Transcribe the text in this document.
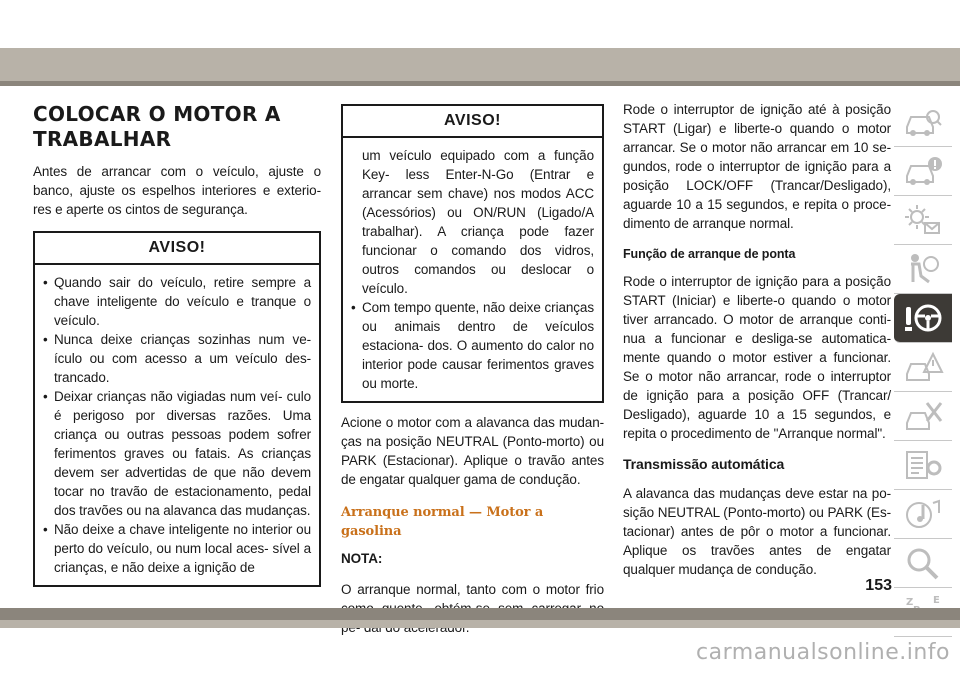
COLOCAR O MOTOR A
TRABALHAR

Antes de arrancar com o veículo, ajuste o banco, ajuste os espelhos interiores e exterio- res e aperte os cintos de segurança.

AVISO!
• Quando sair do veículo, retire sempre a chave inteligente do veículo e tranque o veículo.
• Nunca deixe crianças sozinhas num ve- ículo ou com acesso a um veículo des- trancado.
• Deixar crianças não vigiadas num veí- culo é perigoso por diversas razões. Uma criança ou outras pessoas podem sofrer ferimentos graves ou fatais. As crianças devem ser advertidas de que não devem tocar no travão de estacionamento, pedal dos travões ou na alavanca das mudanças.
• Não deixe a chave inteligente no interior ou perto do veículo, ou num local aces- sível a crianças, e não deixe a ignição de
AVISO!

um veículo equipado com a função Key- less Enter-N-Go (Entrar e arrancar sem chave) nos modos ACC (Acessórios) ou ON/RUN (Ligado/A trabalhar). A criança pode fazer funcionar o comando dos vidros, outros comandos ou deslocar o veículo.

• Com tempo quente, não deixe crianças ou animais dentro de veículos estaciona- dos. O aumento do calor no interior pode causar ferimentos graves ou morte.

Acione o motor com a alavanca das mudan- ças na posição NEUTRAL (Ponto-morto) ou PARK (Estacionar). Aplique o travão antes de engatar qualquer gama de condução.

Arranque normal — Motor a gasolina

NOTA:

O arranque normal, tanto com o motor frio

Rode o interruptor de ignição até à posição START (Ligar) e liberte-o quando o motor arrancar. Se o motor não arrancar em 10 se- gundos, rode o interruptor de ignição para a posição LOCK/OFF (Trancar/Desligado), aguarde 10 a 15 segundos, e repita o proce- dimento de arranque normal.

Função de arranque de ponta

Rode o interruptor de ignição para a posição START (Iniciar) e liberte-o quando o motor tiver arrancado. O motor de arranque conti- nua a funcionar e desliga-se automatica- mente quando o motor estiver a funcionar. Se o motor não arrancar, rode o interruptor de ignição para a posição OFF (Trancar/ Desligado), aguarde 10 a 15 segundos, e repita o procedimento de "Arranque normal".

Transmissão automática

A alavanca das mudanças deve estar na po- sição NEUTRAL (Ponto-morto) ou PARK (Es- tacionar) antes de pôr o motor a funcionar. Aplique os travões antes de engatar qualquer mudança de condução.

Z E
153
carmanualsonline.info
